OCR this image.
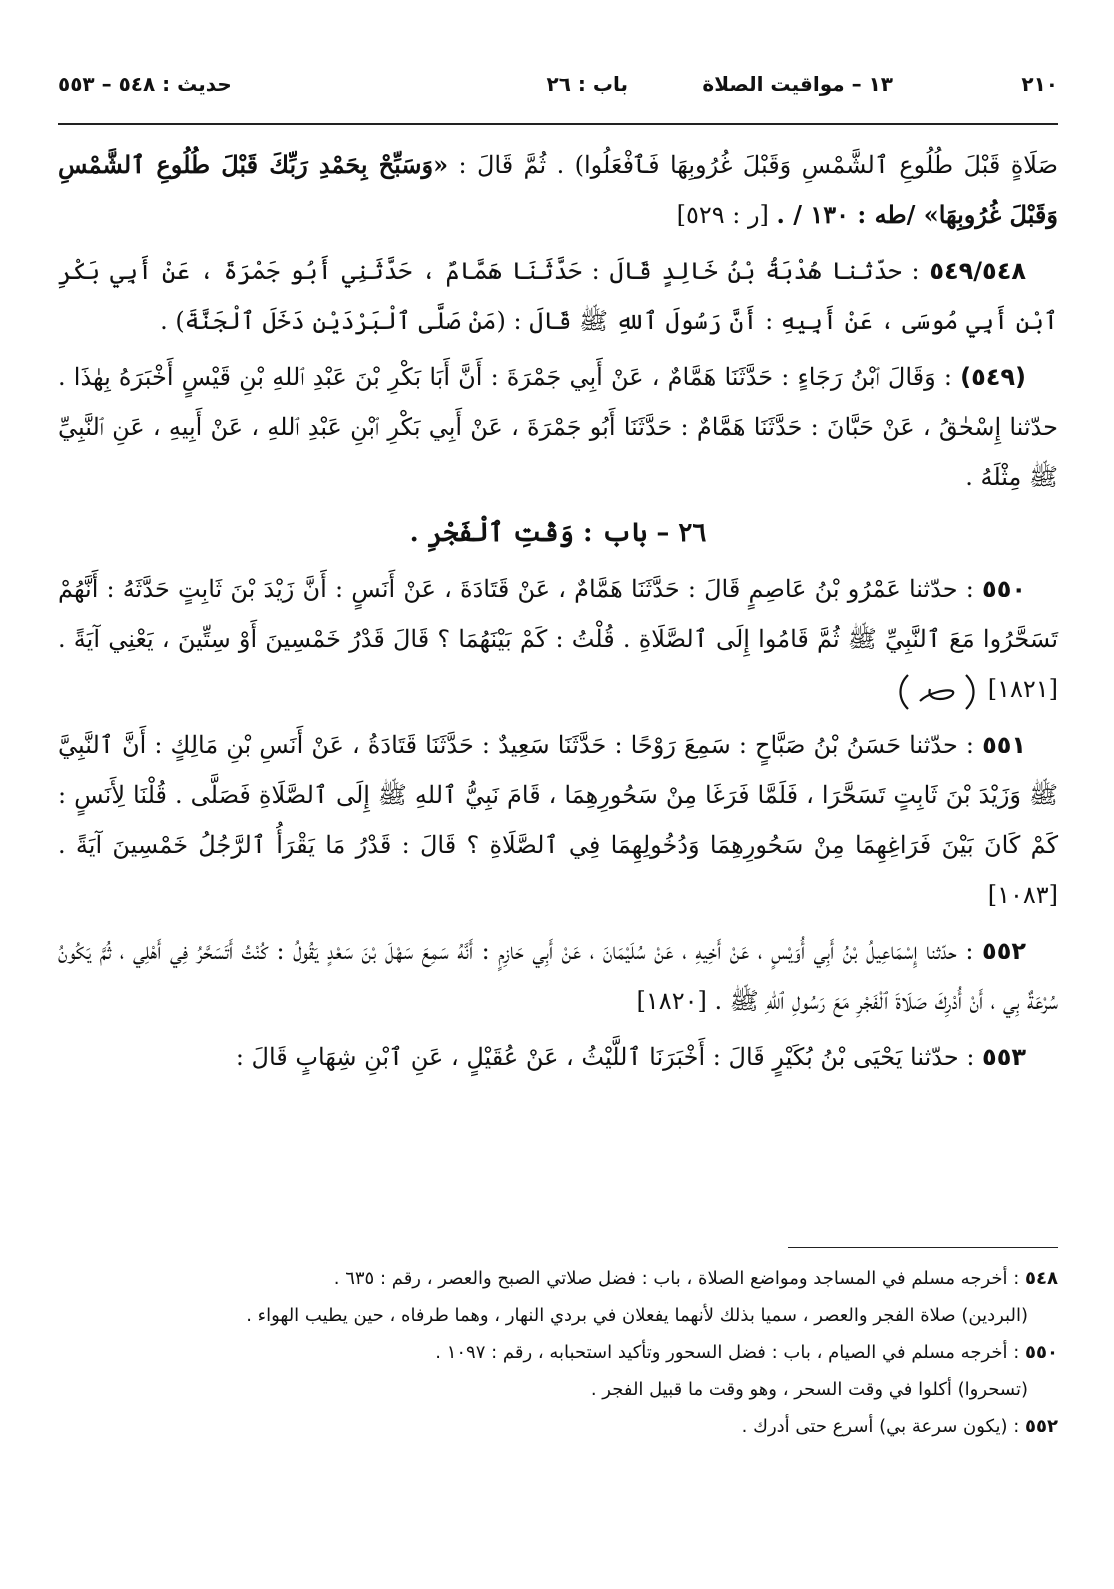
٢١٠
١٣ – مواقيت الصلاة
باب : ٢٦
حديث : ٥٤٨ – ٥٥٣

صَلَاةٍ قَبْلَ طُلُوعِ ٱلشَّمْسِ وَقَبْلَ غُرُوبِهَا فَٱفْعَلُوا) . ثُمَّ قَالَ : «وَسَبِّحْ بِحَمْدِ رَبِّكَ قَبْلَ طُلُوعِ ٱلشَّمْسِ وَقَبْلَ غُرُوبِهَا» /طه : ١٣٠ / . [ر : ٥٢٩]

٥٤٩/٥٤٨ : حدّثنا هُدْبَةُ بْنُ خَالِدٍ قَالَ : حَدَّثَنَا هَمَّامٌ ، حَدَّثَنِي أَبُو جَمْرَةَ ، عَنْ أَبِي بَكْرِ ٱبْنِ أَبِي مُوسَى ، عَنْ أَبِيهِ : أَنَّ رَسُولَ ٱللهِ ﷺ قَالَ : (مَنْ صَلَّى ٱلْبَرْدَيْنِ دَخَلَ ٱلْجَنَّةَ) .

(٥٤٩) : وَقَالَ ٱبْنُ رَجَاءٍ : حَدَّثَنَا هَمَّامٌ ، عَنْ أَبِي جَمْرَةَ : أَنَّ أَبَا بَكْرِ بْنَ عَبْدِ ٱللهِ بْنِ قَيْسٍ أَخْبَرَهُ بِهٰذَا . حدّثنا إِسْحٰقُ ، عَنْ حَبَّانَ : حَدَّثَنَا هَمَّامٌ : حَدَّثَنَا أَبُو جَمْرَةَ ، عَنْ أَبِي بَكْرِ ٱبْنِ عَبْدِ ٱللهِ ، عَنْ أَبِيهِ ، عَنِ ٱلنَّبِيِّ ﷺ مِثْلَهُ .

٢٦ – باب : وَقْتِ ٱلْفَجْرِ .

٥٥٠ : حدّثنا عَمْرُو بْنُ عَاصِمٍ قَالَ : حَدَّثَنَا هَمَّامٌ ، عَنْ قَتَادَةَ ، عَنْ أَنَسٍ : أَنَّ زَيْدَ بْنَ ثَابِتٍ حَدَّثَهُ : أَنَّهُمْ تَسَحَّرُوا مَعَ ٱلنَّبِيِّ ﷺ ثُمَّ قَامُوا إِلَى ٱلصَّلَاةِ . قُلْتُ : كَمْ بَيْنَهُمَا ؟ قَالَ قَدْرُ خَمْسِينَ أَوْ سِتِّينَ ، يَعْنِي آيَةً . [١٨٢١]

٥٥١ : حدّثنا حَسَنُ بْنُ صَبَّاحٍ : سَمِعَ رَوْحًا : حَدَّثَنَا سَعِيدٌ : حَدَّثَنَا قَتَادَةُ ، عَنْ أَنَسِ بْنِ مَالِكٍ : أَنَّ ٱلنَّبِيَّ ﷺ وَزَيْدَ بْنَ ثَابِتٍ تَسَحَّرَا ، فَلَمَّا فَرَغَا مِنْ سَحُورِهِمَا ، قَامَ نَبِيُّ ٱللهِ ﷺ إِلَى ٱلصَّلَاةِ فَصَلَّى . قُلْنَا لِأَنَسٍ : كَمْ كَانَ بَيْنَ فَرَاغِهِمَا مِنْ سَحُورِهِمَا وَدُخُولِهِمَا فِي ٱلصَّلَاةِ ؟ قَالَ : قَدْرُ مَا يَقْرَأُ ٱلرَّجُلُ خَمْسِينَ آيَةً . [١٠٨٣]

٥٥٢ : حدّثنا إِسْمَاعِيلُ بْنُ أَبِي أُوَيْسٍ ، عَنْ أَخِيهِ ، عَنْ سُلَيْمَانَ ، عَنْ أَبِي حَازِمٍ : أَنَّهُ سَمِعَ سَهْلَ بْنَ سَعْدٍ يَقُولُ : كُنْتُ أَتَسَحَّرُ فِي أَهْلِي ، ثُمَّ يَكُونُ سُرْعَةٌ بِي ، أَنْ أُدْرِكَ صَلَاةَ ٱلْفَجْرِ مَعَ رَسُولِ ٱللهِ ﷺ . [١٨٢٠]

٥٥٣ : حدّثنا يَحْيَى بْنُ بُكَيْرٍ قَالَ : أَخْبَرَنَا ٱللَّيْثُ ، عَنْ عُقَيْلٍ ، عَنِ ٱبْنِ شِهَابٍ قَالَ :

٥٤٨ : أخرجه مسلم في المساجد ومواضع الصلاة ، باب : فضل صلاتي الصبح والعصر ، رقم : ٦٣٥ .

(البردين) صلاة الفجر والعصر ، سميا بذلك لأنهما يفعلان في بردي النهار ، وهما طرفاه ، حين يطيب الهواء .

٥٥٠ : أخرجه مسلم في الصيام ، باب : فضل السحور وتأكيد استحبابه ، رقم : ١٠٩٧ .

(تسحروا) أكلوا في وقت السحر ، وهو وقت ما قبيل الفجر .

٥٥٢ : (يكون سرعة بي) أسرع حتى أدرك .
